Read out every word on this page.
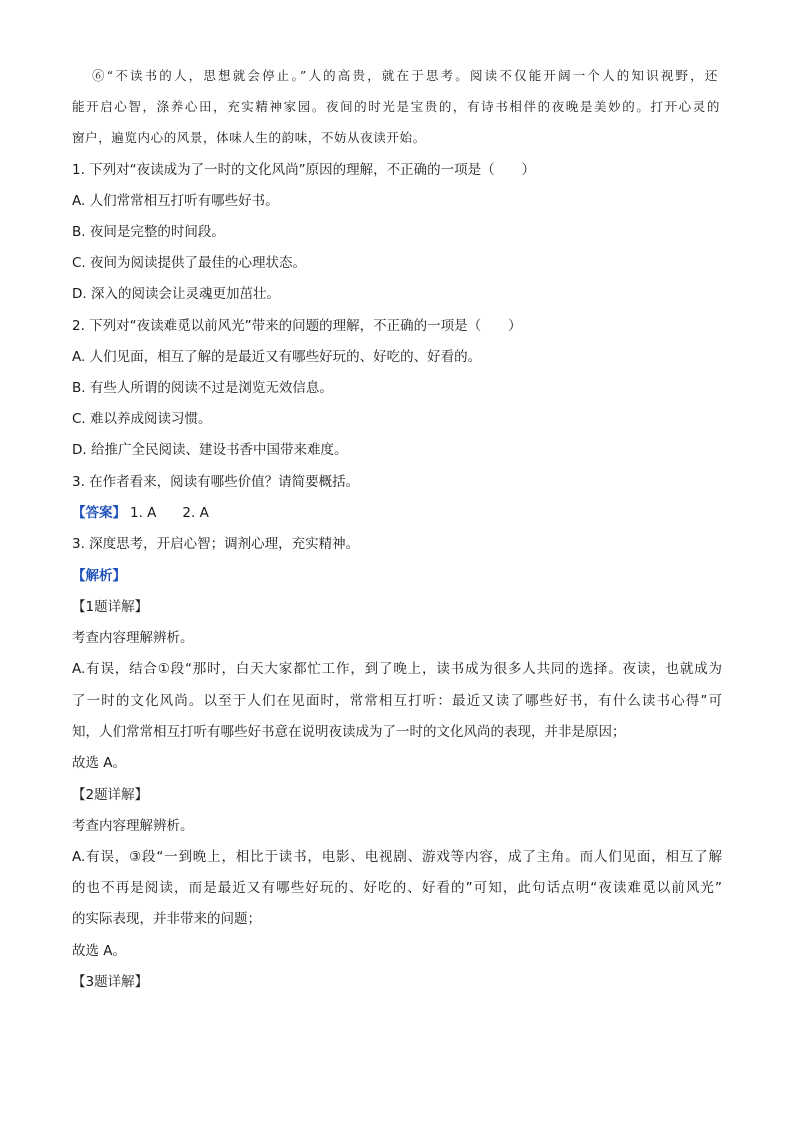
⑥“不读书的人，思想就会停止。”人的高贵，就在于思考。阅读不仅能开阔一个人的知识视野，还
能开启心智，涤养心田，充实精神家园。夜间的时光是宝贵的，有诗书相伴的夜晚是美妙的。打开心灵的
窗户，遍览内心的风景，体味人生的韵味，不妨从夜读开始。
1. 下列对“夜读成为了一时的文化风尚”原因的理解，不正确的一项是（　　）
A. 人们常常相互打听有哪些好书。
B. 夜间是完整的时间段。
C. 夜间为阅读提供了最佳的心理状态。
D. 深入的阅读会让灵魂更加茁壮。
2. 下列对“夜读难觅以前风光”带来的问题的理解，不正确的一项是（　　）
A. 人们见面，相互了解的是最近又有哪些好玩的、好吃的、好看的。
B. 有些人所谓的阅读不过是浏览无效信息。
C. 难以养成阅读习惯。
D. 给推广全民阅读、建设书香中国带来难度。
3. 在作者看来，阅读有哪些价值？请简要概括。
【答案】 1. A 2. A
3. 深度思考，开启心智；调剂心理，充实精神。
【解析】
【1题详解】
考查内容理解辨析。
A.有误，结合①段“那时，白天大家都忙工作，到了晚上，读书成为很多人共同的选择。夜读，也就成为
了一时的文化风尚。以至于人们在见面时，常常相互打听：最近又读了哪些好书，有什么读书心得”可
知，人们常常相互打听有哪些好书意在说明夜读成为了一时的文化风尚的表现，并非是原因；
故选 A。
【2题详解】
考查内容理解辨析。
A.有误，③段“一到晚上，相比于读书，电影、电视剧、游戏等内容，成了主角。而人们见面，相互了解
的也不再是阅读，而是最近又有哪些好玩的、好吃的、好看的”可知，此句话点明“夜读难觅以前风光”
的实际表现，并非带来的问题；
故选 A。
【3题详解】
